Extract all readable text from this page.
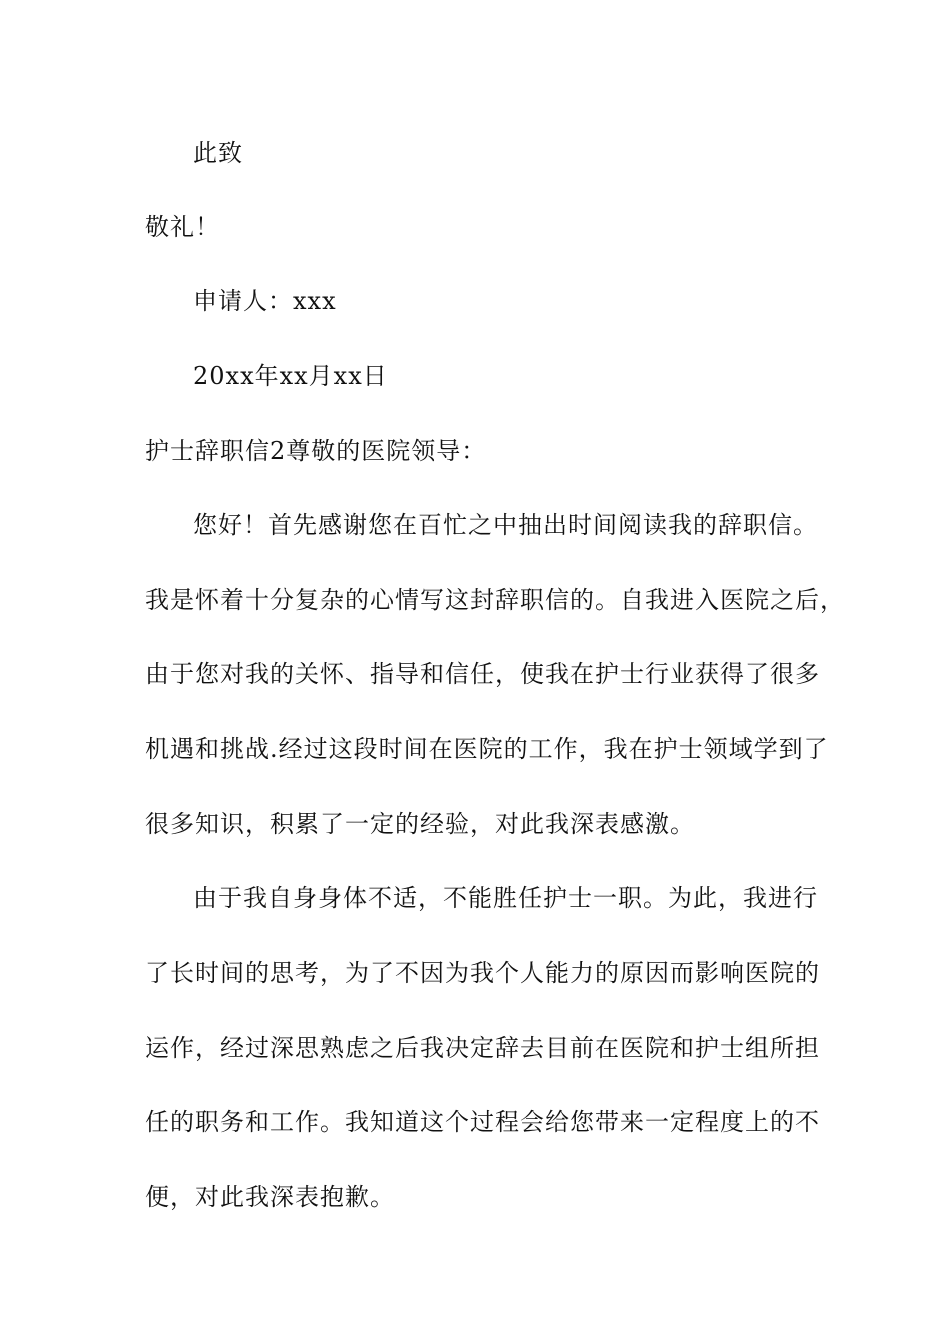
此致
敬礼！
申请人：xxx
20xx年xx月xx日
护士辞职信2尊敬的医院领导：
您好！首先感谢您在百忙之中抽出时间阅读我的辞职信。
我是怀着十分复杂的心情写这封辞职信的。自我进入医院之后，
由于您对我的关怀、指导和信任，使我在护士行业获得了很多
机遇和挑战.经过这段时间在医院的工作，我在护士领域学到了
很多知识，积累了一定的经验，对此我深表感激。
由于我自身身体不适，不能胜任护士一职。为此，我进行
了长时间的思考，为了不因为我个人能力的原因而影响医院的
运作，经过深思熟虑之后我决定辞去目前在医院和护士组所担
任的职务和工作。我知道这个过程会给您带来一定程度上的不
便，对此我深表抱歉。
